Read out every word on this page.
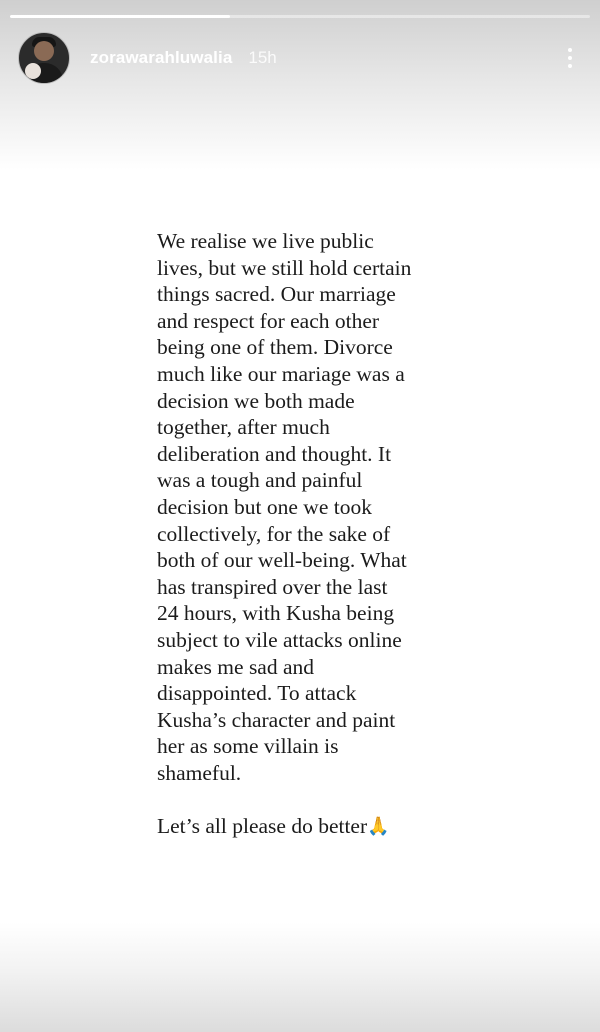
zorawarahluwalia 15h

We realise we live public
lives, but we still hold certain
things sacred. Our marriage
and respect for each other
being one of them. Divorce
much like our mariage was a
decision we both made
together, after much
deliberation and thought. It
was a tough and painful
decision but one we took
collectively, for the sake of
both of our well-being. What
has transpired over the last
24 hours, with Kusha being
subject to vile attacks online
makes me sad and
disappointed. To attack
Kusha’s character and paint
her as some villain is
shameful.

Let’s all please do better🙏
